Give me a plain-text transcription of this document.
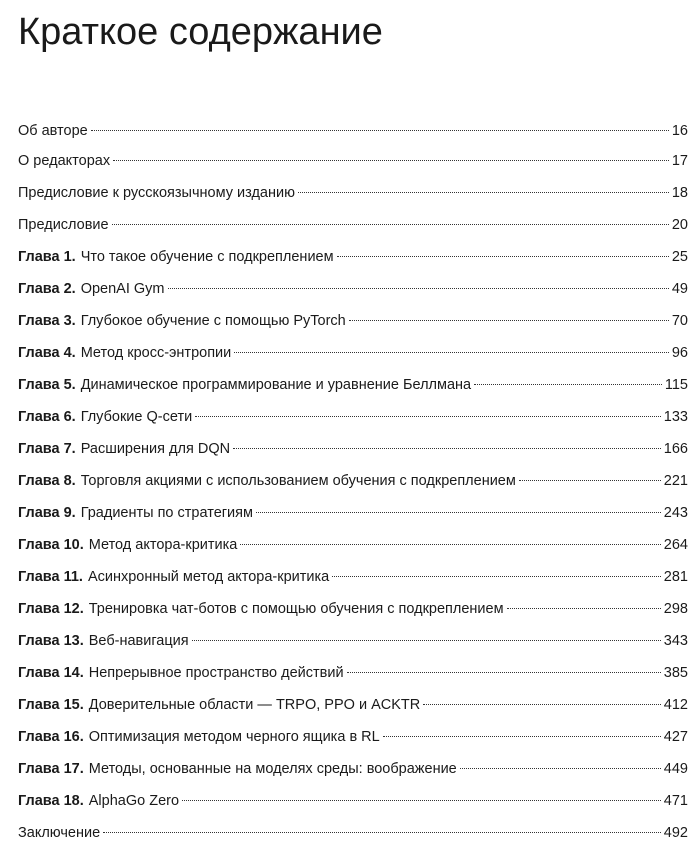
Краткое содержание
Об авторе	16
О редакторах	17
Предисловие к русскоязычному изданию	18
Предисловие	20
Глава 1. Что такое обучение с подкреплением	25
Глава 2. OpenAI Gym	49
Глава 3. Глубокое обучение с помощью PyTorch	70
Глава 4. Метод кросс-энтропии	96
Глава 5. Динамическое программирование и уравнение Беллмана	115
Глава 6. Глубокие Q-сети	133
Глава 7. Расширения для DQN	166
Глава 8. Торговля акциями с использованием обучения с подкреплением	221
Глава 9. Градиенты по стратегиям	243
Глава 10. Метод актора-критика	264
Глава 11. Асинхронный метод актора-критика	281
Глава 12. Тренировка чат-ботов с помощью обучения с подкреплением	298
Глава 13. Веб-навигация	343
Глава 14. Непрерывное пространство действий	385
Глава 15. Доверительные области — TRPO, PPO и ACKTR	412
Глава 16. Оптимизация методом черного ящика в RL	427
Глава 17. Методы, основанные на моделях среды: воображение	449
Глава 18. AlphaGo Zero	471
Заключение	492
